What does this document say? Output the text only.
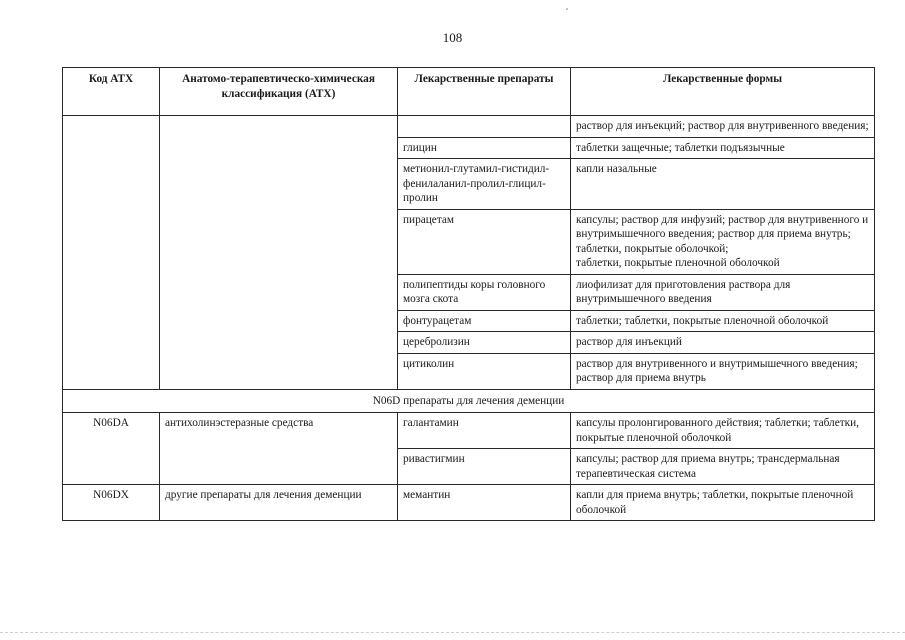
108
Код АТХ	Анатомо-терапевтическо-химическая классификация (АТХ)	Лекарственные препараты	Лекарственные формы
			раствор для инъекций; раствор для внутривенного введения;
		глицин	таблетки защечные; таблетки подъязычные
		метионил-глутамил-гистидил-фенилаланил-пролил-глицил-пролин	капли назальные
		пирацетам	капсулы; раствор для инфузий; раствор для внутривенного и внутримышечного введения; раствор для приема внутрь; таблетки, покрытые оболочкой;
таблетки, покрытые пленочной оболочкой

		полипептиды коры головного мозга скота	лиофилизат для приготовления раствора для внутримышечного введения
		фонтурацетам	таблетки; таблетки, покрытые пленочной оболочкой
		церебролизин	раствор для инъекций
		цитиколин	раствор для внутривенного и внутримышечного введения; раствор для приема внутрь
N06D препараты для лечения деменции			
N06DA	антихолинэстеразные средства	галантамин	капсулы пролонгированного действия; таблетки; таблетки, покрытые пленочной оболочкой
		ривастигмин	капсулы; раствор для приема внутрь; трансдермальная терапевтическая система
N06DX	другие препараты для лечения деменции	мемантин	капли для приема внутрь; таблетки, покрытые пленочной оболочкой
